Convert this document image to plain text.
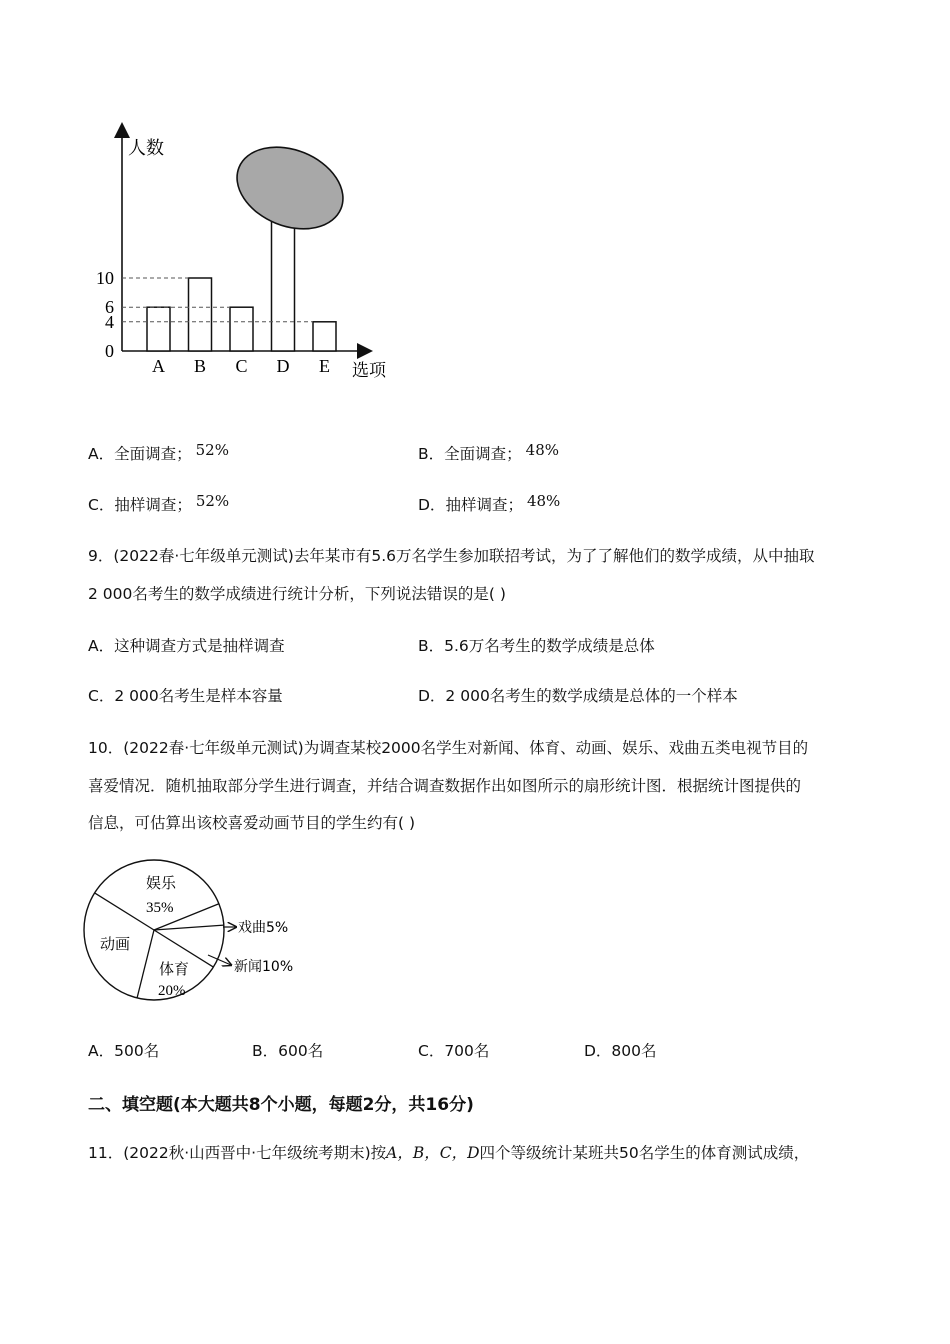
0
4
6
10
A B C D E
人数
选项
A．全面调查； 52%	B．全面调查； 48%
C．抽样调查； 52%	D．抽样调查； 48%
9．(2022春·七年级单元测试)去年某市有5.6万名学生参加联招考试，为了了解他们的数学成绩，从中抽取
2 000名考生的数学成绩进行统计分析，下列说法错误的是( )
A．这种调查方式是抽样调查	B．5.6万名考生的数学成绩是总体
C．2 000名考生是样本容量	D．2 000名考生的数学成绩是总体的一个样本
10．(2022春·七年级单元测试)为调查某校2000名学生对新闻、体育、动画、娱乐、戏曲五类电视节目的
喜爱情况．随机抽取部分学生进行调查，并结合调查数据作出如图所示的扇形统计图．根据统计图提供的
信息，可估算出该校喜爱动画节目的学生约有( )
娱乐
35%
动画
体育
20%
戏曲5%
新闻10%
A．500名	B．600名	C．700名	D．800名
二、填空题(本大题共8个小题，每题2分，共16分)
11．(2022秋·山西晋中·七年级统考期末)按A，B，C，D四个等级统计某班共50名学生的体育测试成绩，
